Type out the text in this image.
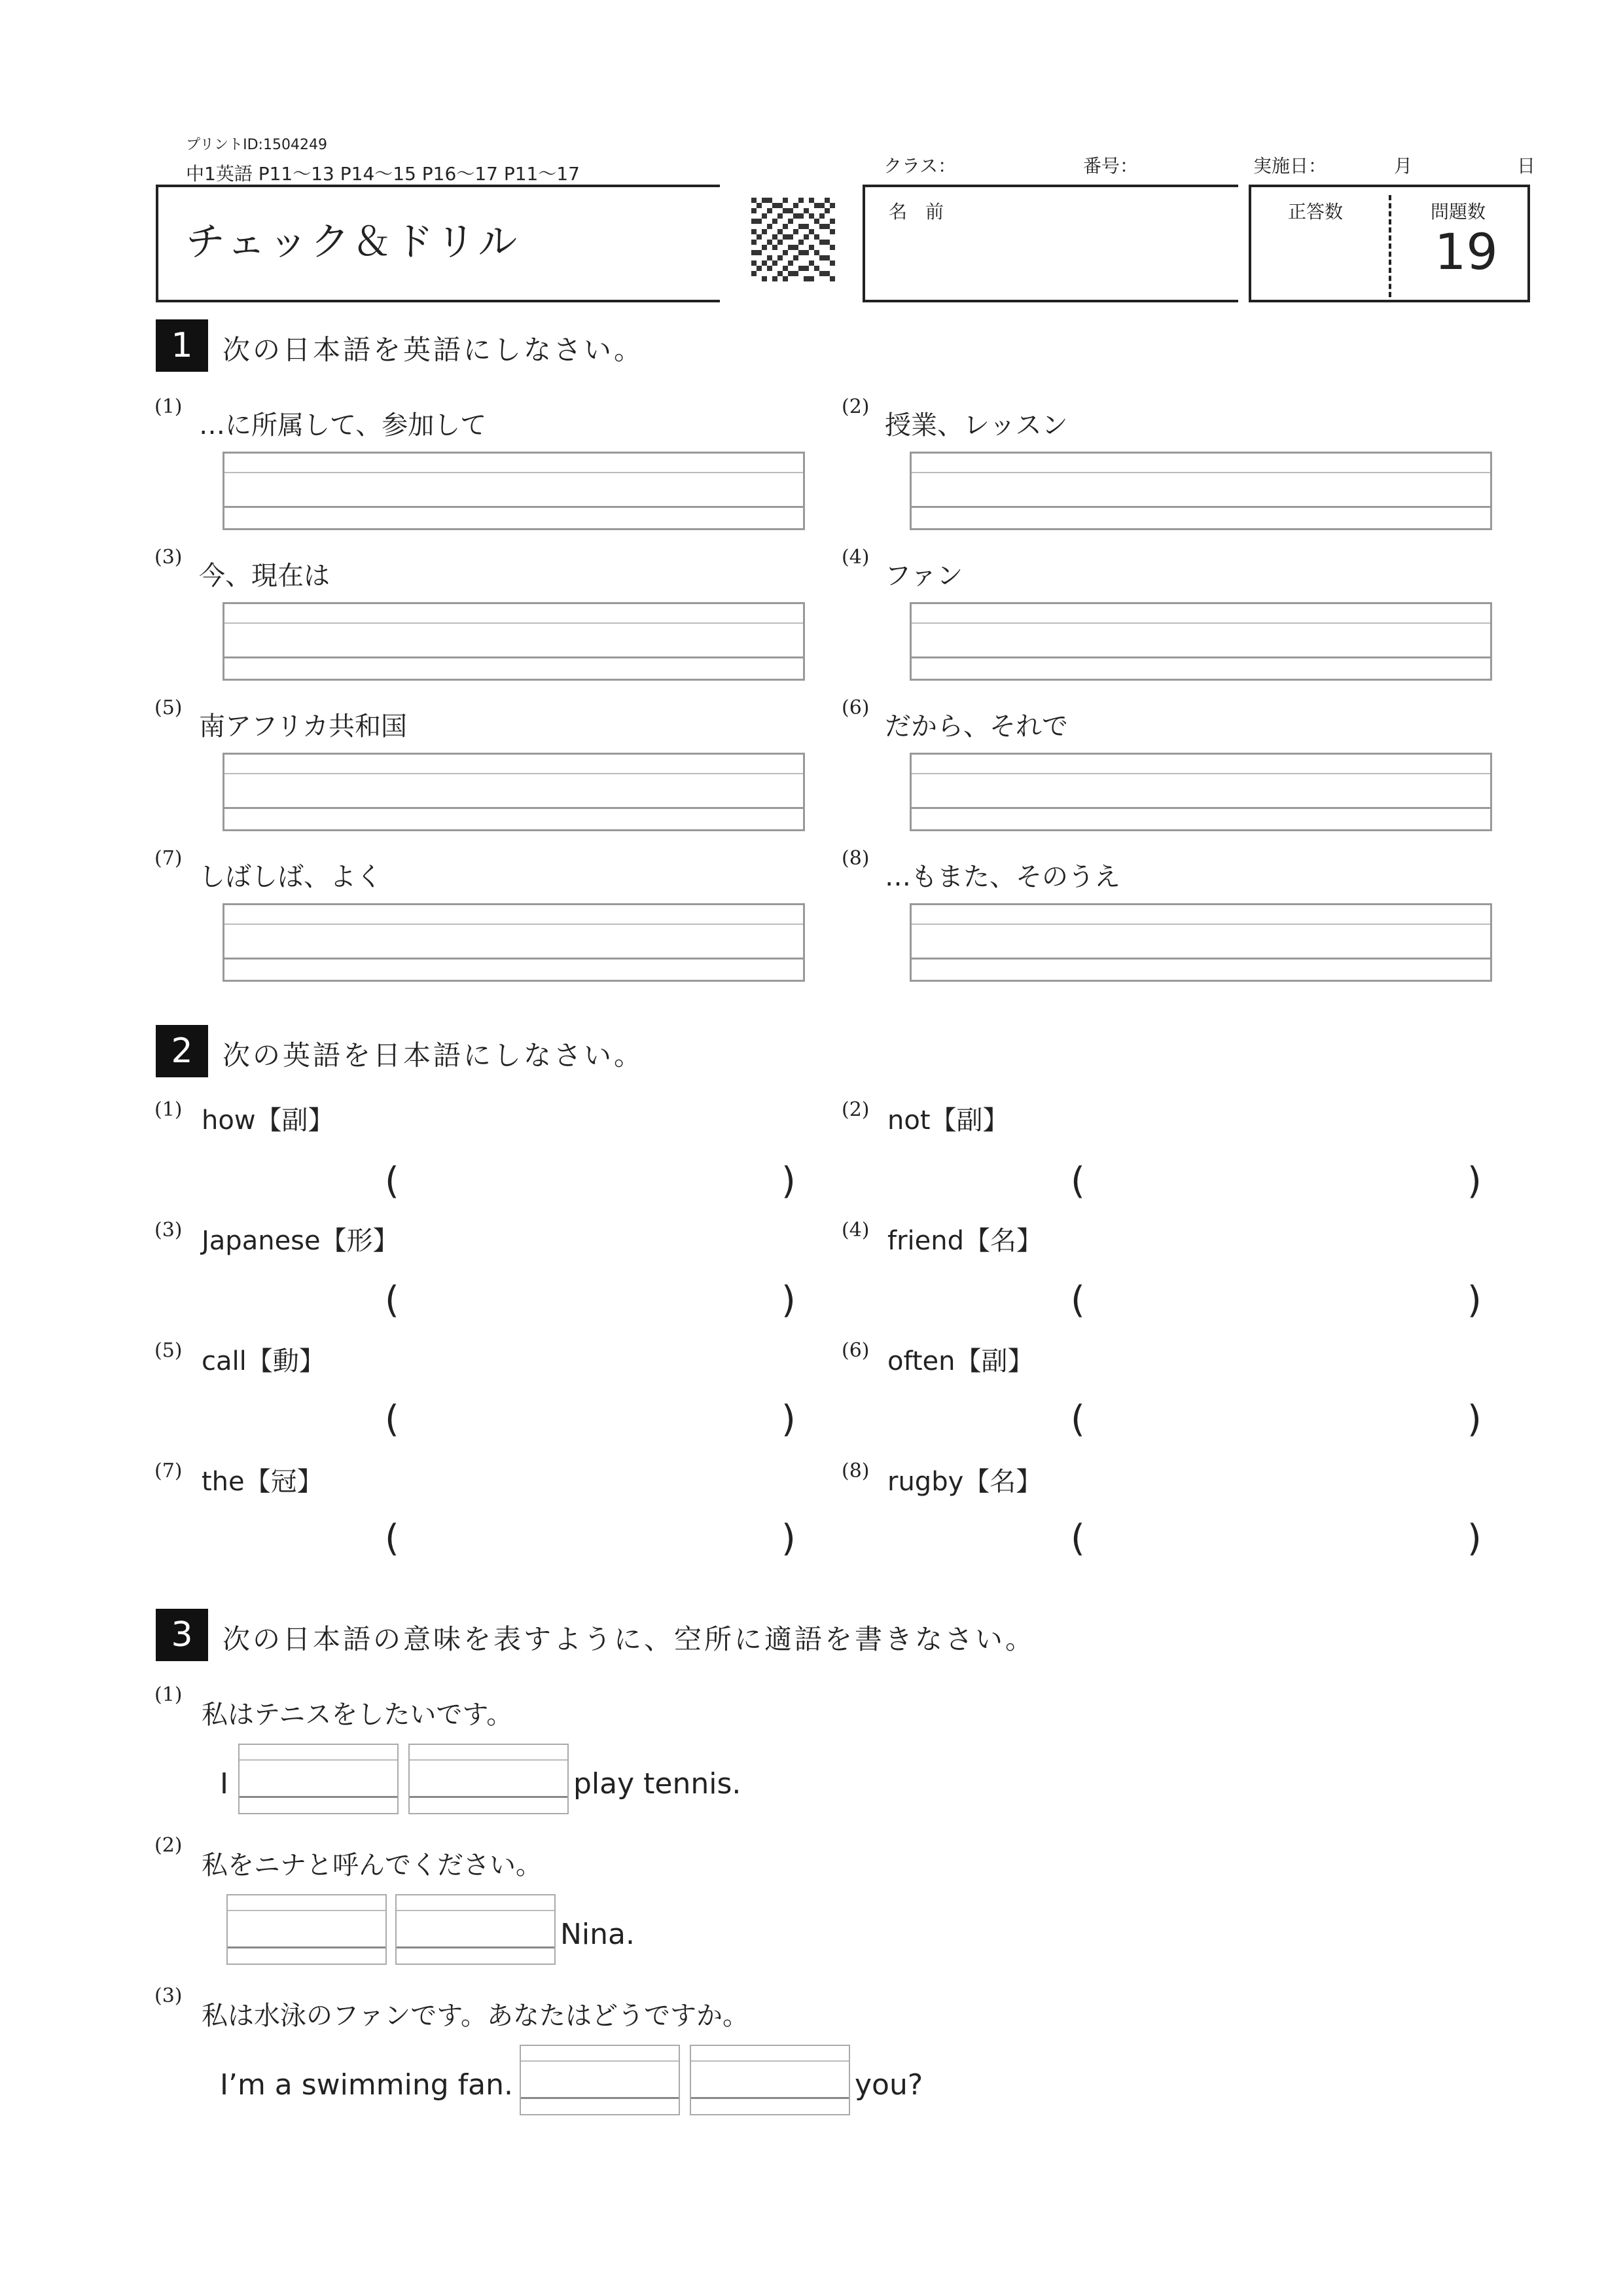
プリントID:1504249
中1英語 P11～13 P14～15 P16～17 P11～17
チェック＆ドリル
クラス：	番号：	実施日：	月	日
名　前	正答数	問題数
19
1	次の日本語を英語にしなさい。
(1)
…に所属して、参加して
(2)
授業、レッスン
(3)
今、現在は
(4)
ファン
(5)
南アフリカ共和国
(6)
だから、それで
(7)
しばしば、よく
(8)
…もまた、そのうえ
2	次の英語を日本語にしなさい。
(1) how【副】
(	)
(2) not【副】
(	)
(3) Japanese【形】
(	)
(4) friend【名】
(	)
(5) call【動】
(	)
(6) often【副】
(	)
(7) the【冠】
(	)
(8) rugby【名】
(	)
3	次の日本語の意味を表すように、空所に適語を書きなさい。
(1)
私はテニスをしたいです。
I	play tennis.
(2)
私をニナと呼んでください。
Nina.
(3)
私は水泳のファンです。あなたはどうですか。
I’m a swimming fan.	you?
